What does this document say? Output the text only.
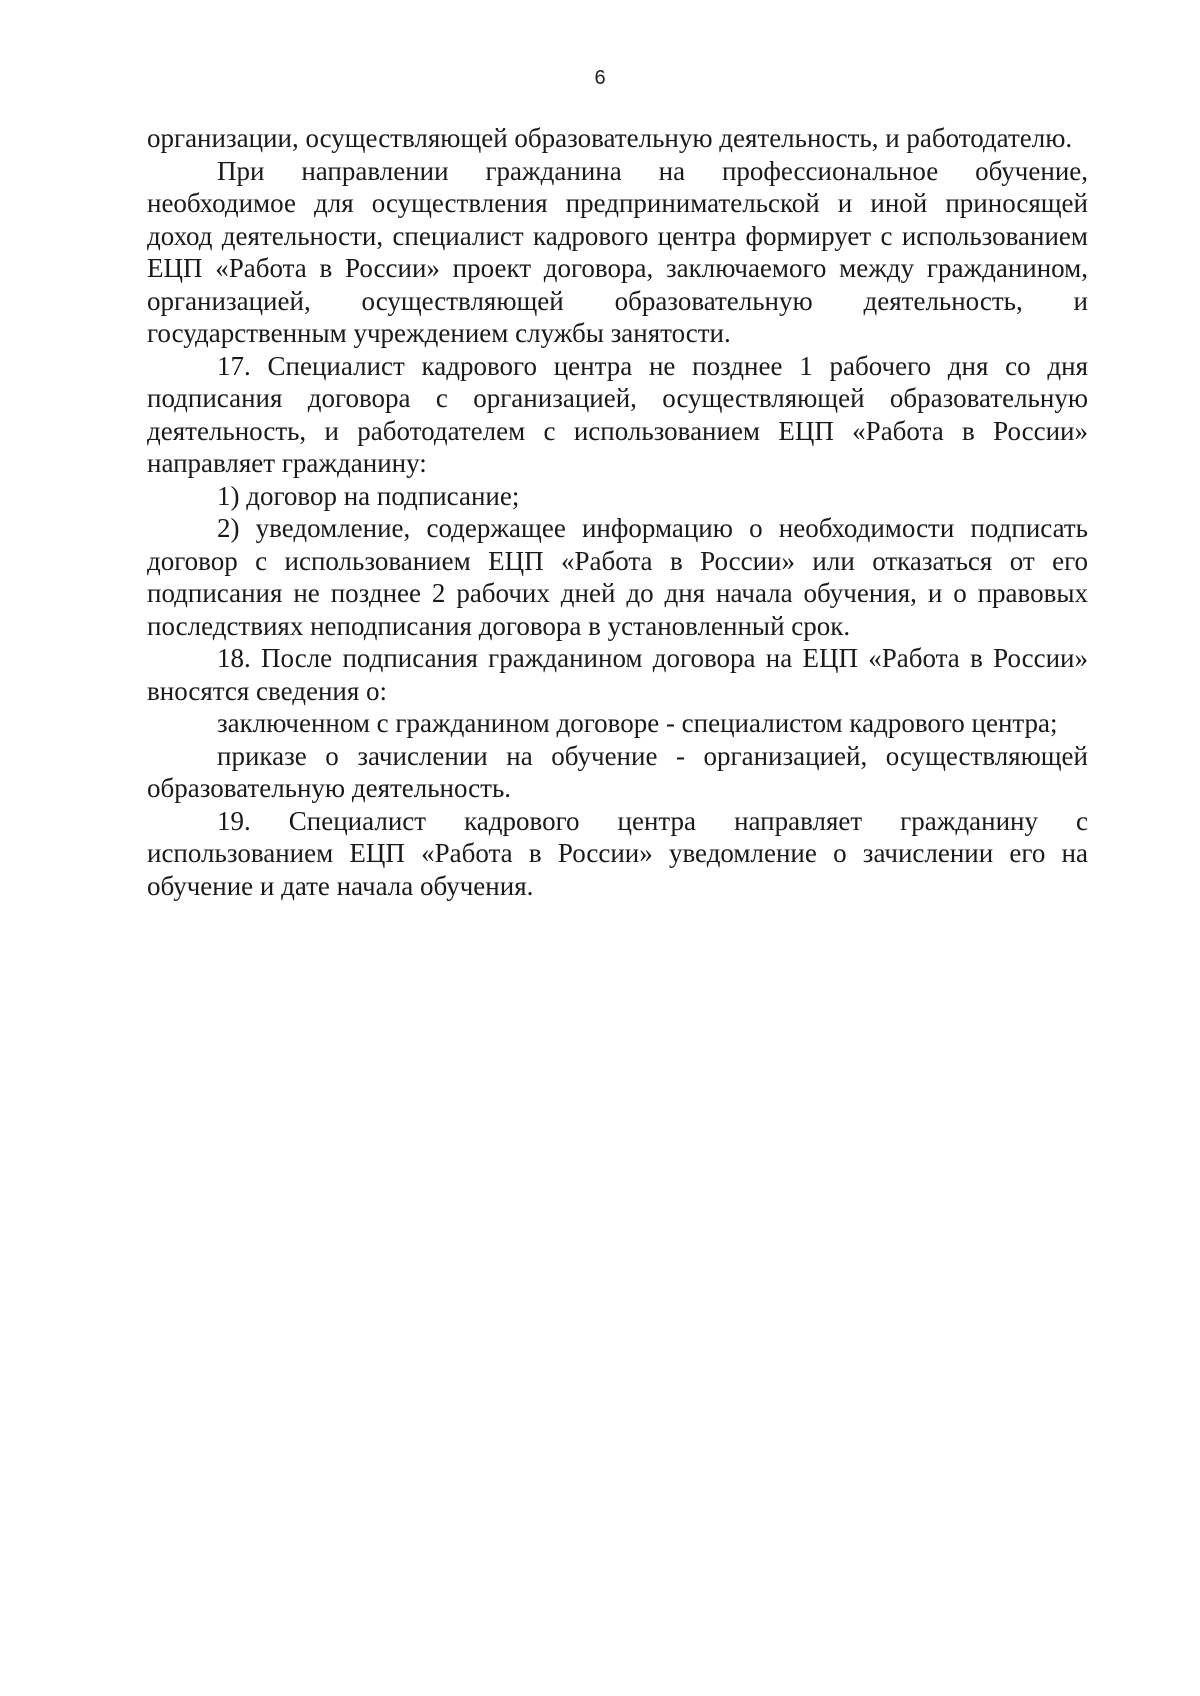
6

организации, осуществляющей образовательную деятельность, и работодателю.

При направлении гражданина на профессиональное обучение, необходимое для осуществления предпринимательской и иной приносящей доход деятельности, специалист кадрового центра формирует с использованием ЕЦП «Работа в России» проект договора, заключаемого между гражданином, организацией, осуществляющей образовательную деятельность, и государственным учреждением службы занятости.

17. Специалист кадрового центра не позднее 1 рабочего дня со дня подписания договора с организацией, осуществляющей образовательную деятельность, и работодателем с использованием ЕЦП «Работа в России» направляет гражданину:

1) договор на подписание;

2) уведомление, содержащее информацию о необходимости подписать договор с использованием ЕЦП «Работа в России» или отказаться от его подписания не позднее 2 рабочих дней до дня начала обучения, и о правовых последствиях неподписания договора в установленный срок.

18. После подписания гражданином договора на ЕЦП «Работа в России» вносятся сведения о:

заключенном с гражданином договоре - специалистом кадрового центра;

приказе о зачислении на обучение - организацией, осуществляющей образовательную деятельность.

19. Специалист кадрового центра направляет гражданину с использованием ЕЦП «Работа в России» уведомление о зачислении его на обучение и дате начала обучения.
